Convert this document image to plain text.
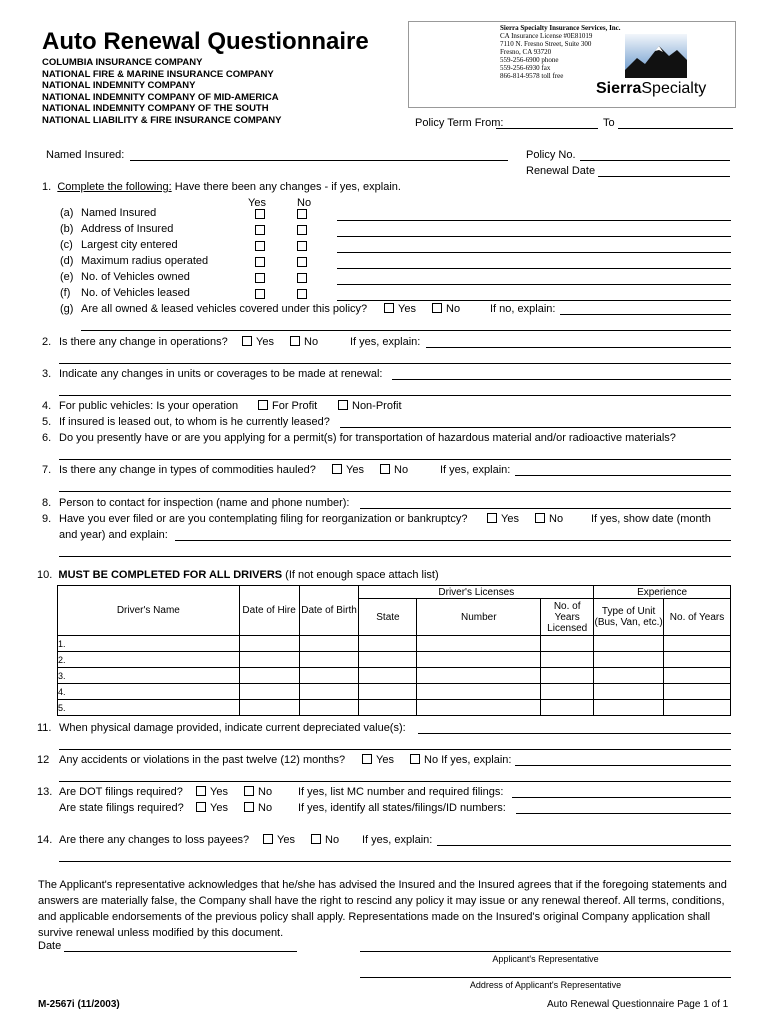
Auto Renewal Questionnaire
COLUMBIA INSURANCE COMPANY
NATIONAL FIRE & MARINE INSURANCE COMPANY
NATIONAL INDEMNITY COMPANY
NATIONAL INDEMNITY COMPANY OF MID-AMERICA
NATIONAL INDEMNITY COMPANY OF THE SOUTH
NATIONAL LIABILITY & FIRE INSURANCE COMPANY
Sierra Specialty Insurance Services, Inc.
CA Insurance License #0E81019
7110 N. Fresno Street, Suite 300
Fresno, CA 93720
559-256-6900 phone
559-256-6930 fax
866-814-9578 toll free
SierraSpecialty
Policy Term From:	To
Named Insured:	Policy No.
Renewal Date
1. Complete the following: Have there been any changes - if yes, explain.
Yes	No
(a) Named Insured
(b) Address of Insured
(c) Largest city entered
(d) Maximum radius operated
(e) No. of Vehicles owned
(f) No. of Vehicles leased
(g) Are all owned & leased vehicles covered under this policy?	Yes	No	If no, explain:
2. Is there any change in operations?	Yes	No	If yes, explain:
3. Indicate any changes in units or coverages to be made at renewal:
4. For public vehicles: Is your operation	For Profit	Non-Profit
5. If insured is leased out, to whom is he currently leased?
6. Do you presently have or are you applying for a permit(s) for transportation of hazardous material and/or radioactive materials?
7. Is there any change in types of commodities hauled?	Yes	No	If yes, explain:
8. Person to contact for inspection (name and phone number):
9. Have you ever filed or are you contemplating filing for reorganization or bankruptcy?	Yes	No	If yes, show date (month
and year) and explain:
10. MUST BE COMPLETED FOR ALL DRIVERS (If not enough space attach list)
Driver's Name	Date of Hire	Date of Birth	Driver's Licenses			Experience	
			State	Number	No. of Years Licensed	Type of Unit (Bus, Van, etc.)	No. of Years
1.							
2.							
3.							
4.							
5.							
11. When physical damage provided, indicate current depreciated value(s):
12 Any accidents or violations in the past twelve (12) months?	Yes	No If yes, explain:
13. Are DOT filings required?	Yes	No If yes, list MC number and required filings:
Are state filings required?	Yes	No If yes, identify all states/filings/ID numbers:
14. Are there any changes to loss payees?	Yes	No If yes, explain:
The Applicant's representative acknowledges that he/she has advised the Insured and the Insured agrees that if the foregoing statements and answers are materially false, the Company shall have the right to rescind any policy it may issue or any renewal thereof. All terms, conditions, and applicable endorsements of the previous policy shall apply. Representations made on the Insured's original Company application shall survive renewal unless modified by this document.
Date
Applicant's Representative
Address of Applicant's Representative
M-2567i (11/2003)	Auto Renewal Questionnaire Page 1 of 1
